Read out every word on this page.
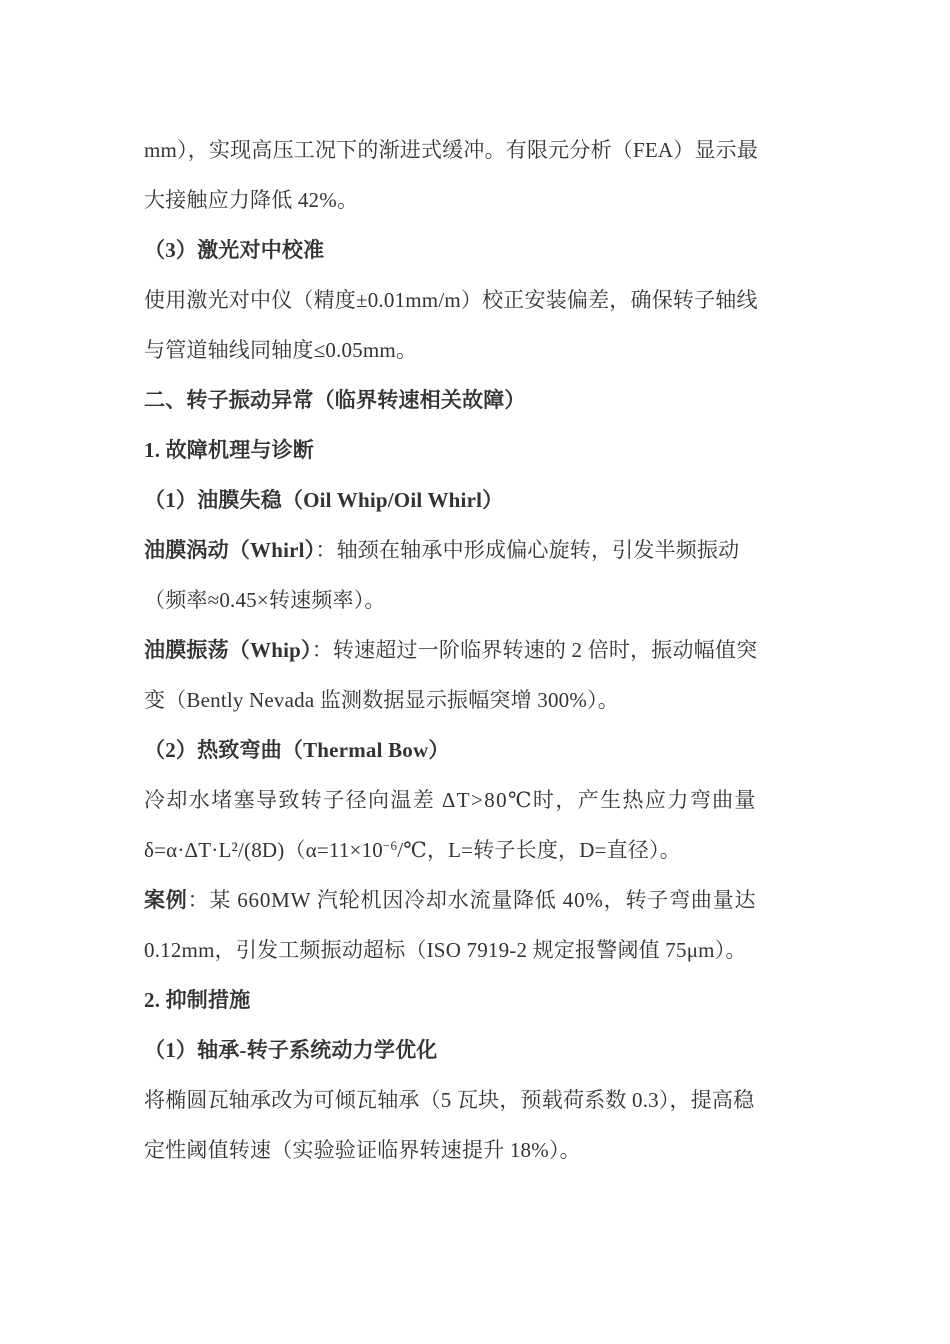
mm），实现高压工况下的渐进式缓冲。有限元分析（FEA）显示最
大接触应力降低 42%。
（3）激光对中校准
使用激光对中仪（精度±0.01mm/m）校正安装偏差，确保转子轴线
与管道轴线同轴度≤0.05mm。
二、转子振动异常（临界转速相关故障）
1. 故障机理与诊断
（1）油膜失稳（Oil Whip/Oil Whirl）
油膜涡动（Whirl）：轴颈在轴承中形成偏心旋转，引发半频振动
（频率≈0.45×转速频率）。
油膜振荡（Whip）：转速超过一阶临界转速的 2 倍时，振动幅值突
变（Bently Nevada 监测数据显示振幅突增 300%）。
（2）热致弯曲（Thermal Bow）
冷却水堵塞导致转子径向温差 ΔT>80℃时，产生热应力弯曲量
$\delta=\alpha\cdot\Delta T\cdot L^2/(8D)(\alpha=11\times 10^{-6}/℃$，L=转子长度，D=直径）。
案例：某 660MW 汽轮机因冷却水流量降低 40%，转子弯曲量达
0.12mm，引发工频振动超标（ISO 7919-2 规定报警阈值 75μm）。
2. 抑制措施
（1）轴承-转子系统动力学优化
将椭圆瓦轴承改为可倾瓦轴承（5 瓦块，预载荷系数 0.3），提高稳
定性阈值转速（实验验证临界转速提升 18%）。
